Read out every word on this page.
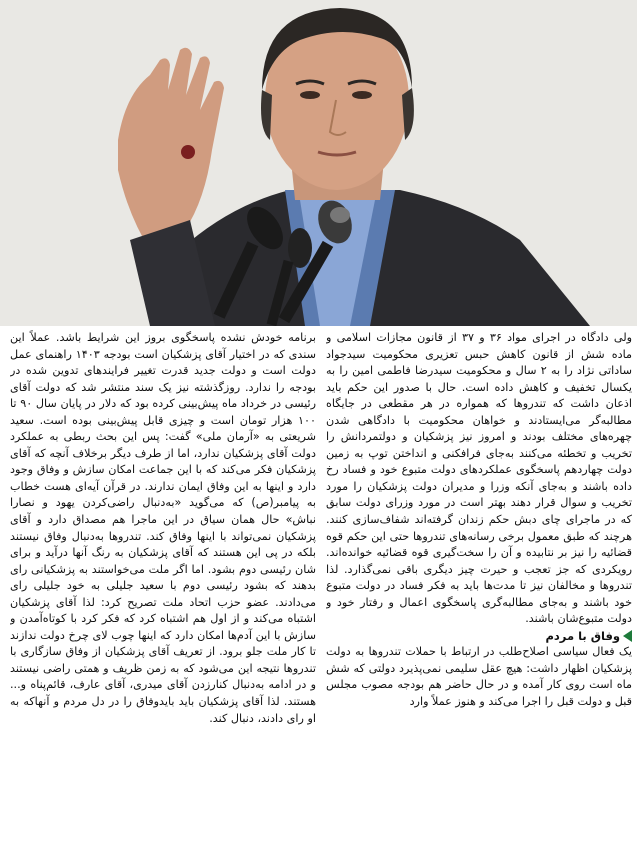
ولی دادگاه در اجرای مواد ۳۶ و ۳۷ از قانون مجازات اسلامی و ماده شش از قانون کاهش حبس تعزیری محکومیت سیدجواد ساداتی نژاد را به ۲ سال و محکومیت سیدرضا فاطمی امین را به یکسال تخفیف و کاهش داده است. حال با صدور این حکم باید اذعان داشت که تندروها که همواره در هر مقطعی در جایگاه مطالبه‌گر می‌ایستادند و خواهان محکومیت با دادگاهی شدن چهره‌های مختلف بودند و امروز نیز پزشکیان و دولتمردانش را تخریب و تخطئه می‌کنند به‌جای فرافکنی و انداختن توپ به زمین دولت چهاردهم پاسخگوی عملکردهای دولت متبوع خود و فساد رخ داده باشند و به‌جای آنکه وزرا و مدیران دولت پزشکیان را مورد تخریب و سوال قرار دهند بهتر است در مورد وزرای دولت سابق که در ماجرای چای دبش حکم زندان گرفته‌اند شفاف‌سازی کنند. هرچند که طبق معمول برخی رسانه‌های تندروها حتی این حکم قوه قضائیه را نیز بر نتابیده و آن را سخت‌گیری قوه قضائیه خوانده‌اند. رویکردی که جز تعجب و حیرت چیز دیگری باقی نمی‌گذارد. لذا تندروها و مخالفان نیز تا مدت‌ها باید به فکر فساد در دولت متبوع خود باشند و به‌جای مطالبه‌گری پاسخگوی اعمال و رفتار خود و دولت متبوع‌شان باشند.

وفاق با مردم

یک فعال سیاسی اصلاح‌طلب در ارتباط با حملات تندروها به دولت پزشکیان اظهار داشت: هیچ عقل سلیمی نمی‌پذیرد دولتی که شش ماه است روی کار آمده و در حال حاضر هم بودجه مصوب مجلس قبل و دولت قبل را اجرا می‌کند و هنوز عملاً وارد

برنامه خودش نشده پاسخگوی بروز این شرایط باشد. عملاً این سندی که در اختیار آقای پزشکیان است بودجه ۱۴۰۳ راهنمای عمل دولت است و دولت جدید قدرت تغییر فرایندهای تدوین شده در بودجه را ندارد. روزگذشته نیز یک سند منتشر شد که دولت آقای رئیسی در خرداد ماه پیش‌بینی کرده بود که دلار در پایان سال ۹۰ تا ۱۰۰ هزار تومان است و چیزی قابل پیش‌بینی بوده است. سعید شریعتی به «آرمان ملی» گفت: پس این بحث ربطی به عملکرد دولت آقای پزشکیان ندارد، اما از طرف دیگر برخلاف آنچه که آقای پزشکیان فکر می‌کند که با این جماعت امکان سازش و وفاق وجود دارد و اینها به این وفاق ایمان ندارند. در قرآن آیه‌ای هست خطاب به پیامبر(ص) که می‌گوید «به‌دنبال راضی‌کردن یهود و نصارا نباش» حال همان سیاق در این ماجرا هم مصداق دارد و آقای پزشکیان نمی‌تواند با اینها وفاق کند. تندروها به‌دنبال وفاق نیستند بلکه در پی این هستند که آقای پزشکیان به رنگ آنها درآید و برای شان رئیسی دوم بشود. اما اگر ملت می‌خواستند به پزشکیانی رای بدهند که بشود رئیسی دوم با سعید جلیلی به خود جلیلی رای می‌دادند. عضو حزب اتحاد ملت تصریح کرد: لذا آقای پزشکیان اشتباه می‌کند و از اول هم اشتباه کرد که فکر کرد با کوتاه‌آمدن و سازش با این آدم‌ها امکان دارد که اینها چوب لای چرخ دولت ندازند تا کار ملت جلو برود. از تعریف آقای پزشکیان از وفاق سازگاری با تندروها نتیجه این می‌شود که به زمن ظریف و همتی راضی نیستند و در ادامه به‌دنبال کنارزدن آقای میدری، آقای عارف، قائم‌پناه و... هستند. لذا آقای پزشکیان باید بایدوفاق را در دل مردم و آنهاکه به او رای دادند، دنبال کند.
